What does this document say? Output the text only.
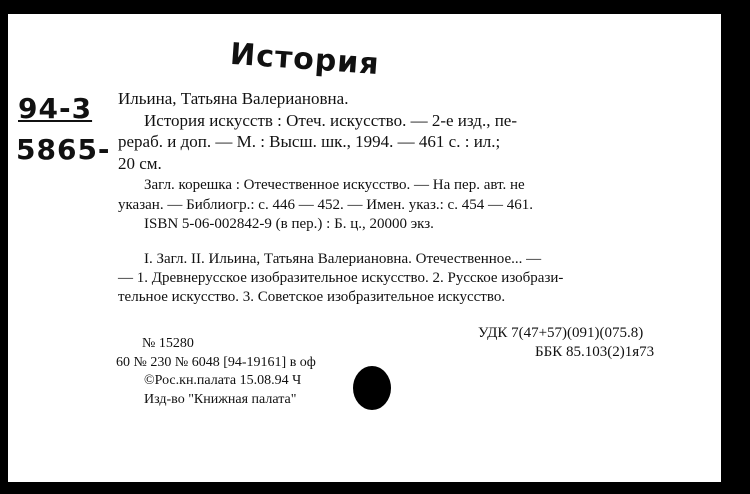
История
94-3
5865-
Ильина, Татьяна Валериановна.
История искусств : Отеч. искусство. — 2-е изд., пе-
рераб. и доп. — М. : Высш. шк., 1994. — 461 с. : ил.;
20 см.
Загл. корешка : Отечественное искусство. — На пер. авт. не
указан. — Библиогр.: с. 446 — 452. — Имен. указ.: с. 454 — 461.
ISBN 5-06-002842-9 (в пер.) : Б. ц., 20000 экз.
I. Загл. II. Ильина, Татьяна Валериановна. Отечественное... —
— 1. Древнерусское изобразительное искусство. 2. Русское изобрази-
тельное искусство. 3. Советское изобразительное искусство.
№ 15280
60 № 230 № 6048 [94-19161] в оф
©Рос.кн.палата 15.08.94 Ч
Изд-во "Книжная палата"
УДК 7(47+57)(091)(075.8)
ББК 85.103(2)1я73
